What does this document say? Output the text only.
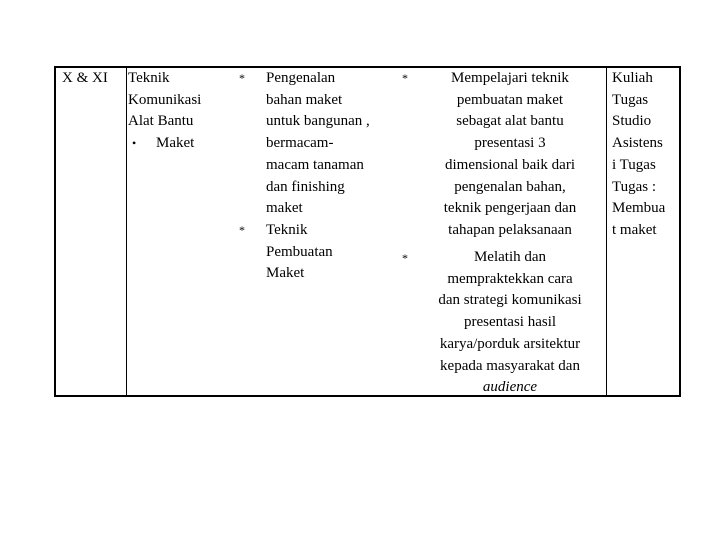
X & XI Teknik
Komunikasi
Alat Bantu
• Maket
* Pengenalan
bahan maket
untuk bangunan ,
bermacam-
macam tanaman
dan finishing
maket
* Teknik
Pembuatan
Maket
*	Mempelajari teknik
pembuatan maket
sebagat alat bantu
presentasi 3
dimensional baik dari
pengenalan bahan,
teknik pengerjaan dan
tahapan pelaksanaan
*	Melatih dan
mempraktekkan cara
dan strategi komunikasi
presentasi hasil
karya/porduk arsitektur
kepada masyarakat dan
audience
Kuliah
Tugas
Studio
Asistens
i Tugas
Tugas :
Membua
t maket
